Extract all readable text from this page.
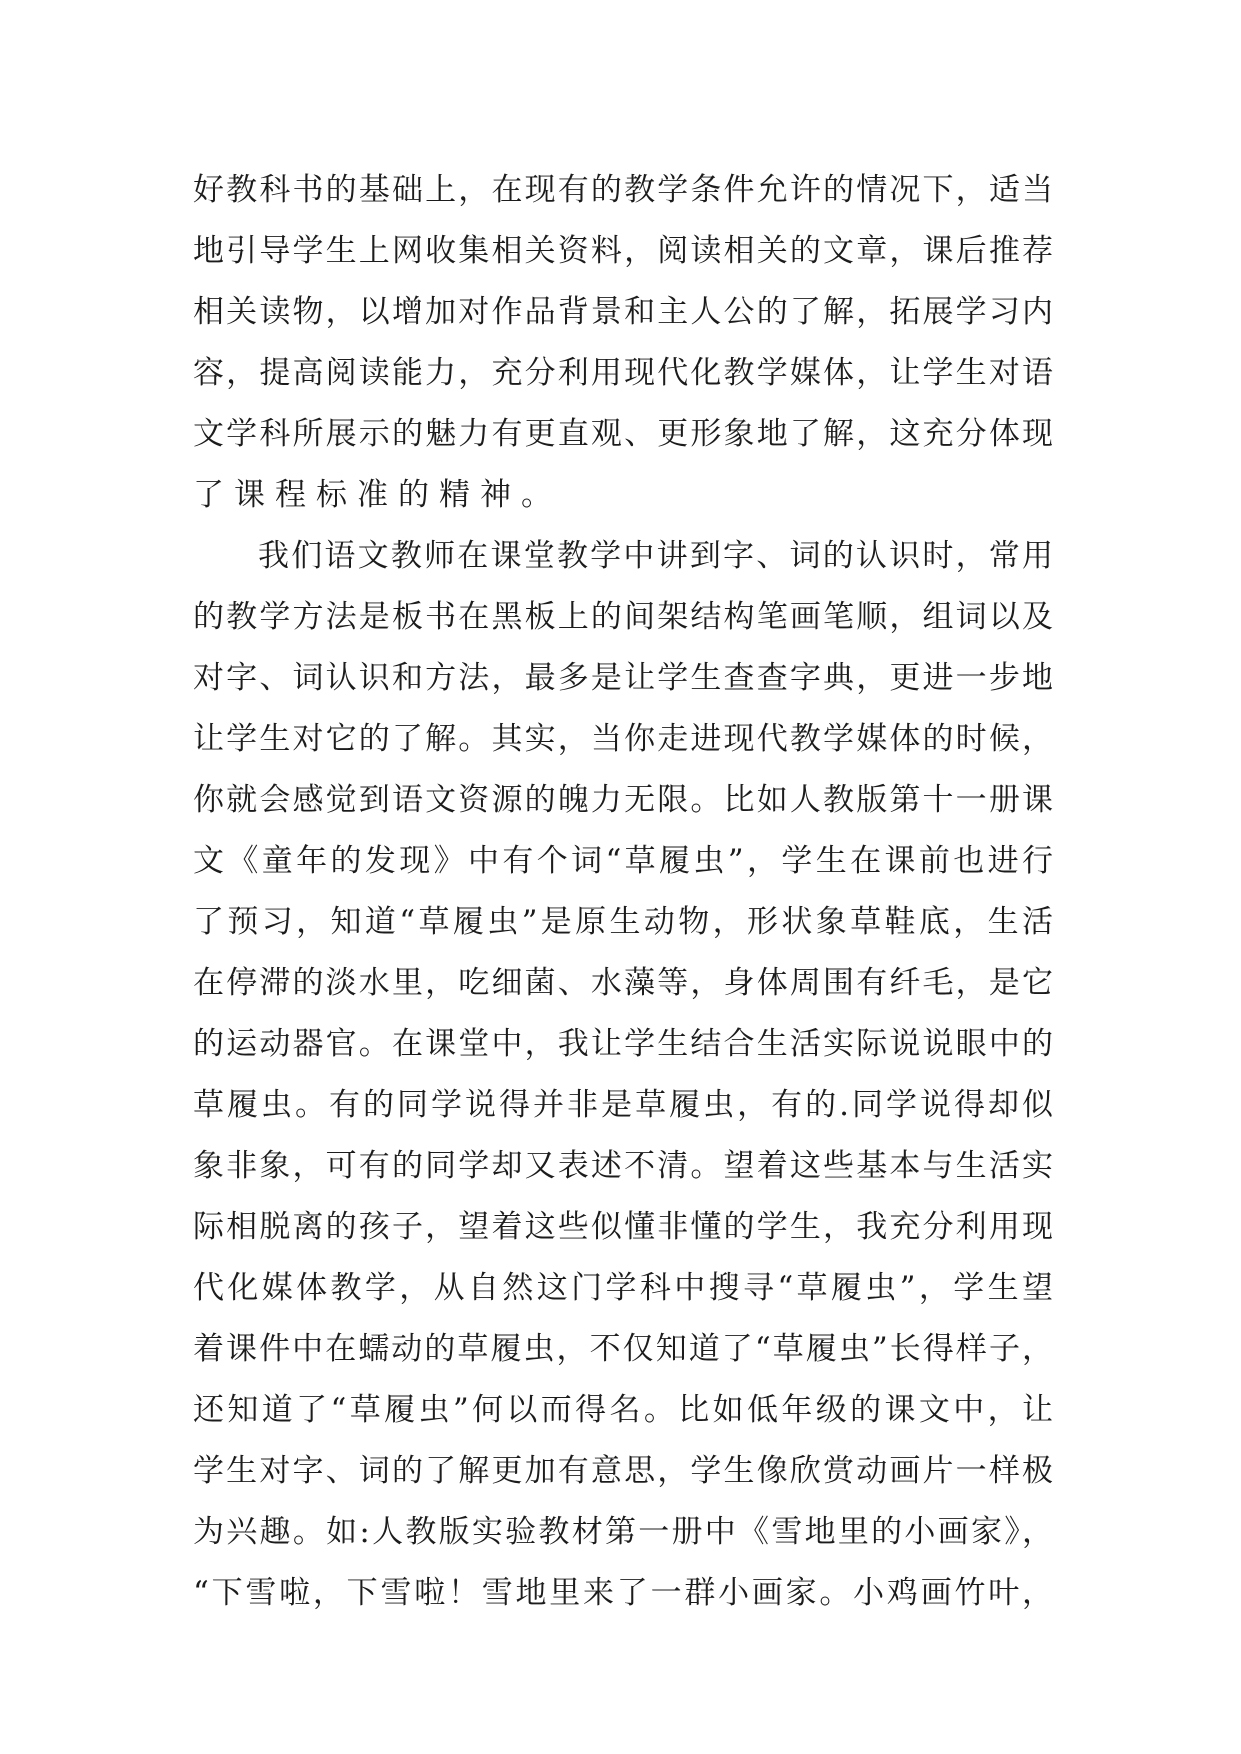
好教科书的基础上，在现有的教学条件允许的情况下，适当
地引导学生上网收集相关资料，阅读相关的文章，课后推荐
相关读物，以增加对作品背景和主人公的了解，拓展学习内
容，提高阅读能力，充分利用现代化教学媒体，让学生对语
文学科所展示的魅力有更直观、更形象地了解，这充分体现
了课程标准的精神。
我们语文教师在课堂教学中讲到字、词的认识时，常用
的教学方法是板书在黑板上的间架结构笔画笔顺，组词以及
对字、词认识和方法，最多是让学生查查字典，更进一步地
让学生对它的了解。其实，当你走进现代教学媒体的时候，
你就会感觉到语文资源的魄力无限。比如人教版第十一册课
文《童年的发现》中有个词“草履虫”，学生在课前也进行
了预习，知道“草履虫”是原生动物，形状象草鞋底，生活
在停滞的淡水里，吃细菌、水藻等，身体周围有纤毛，是它
的运动器官。在课堂中，我让学生结合生活实际说说眼中的
草履虫。有的同学说得并非是草履虫，有的.同学说得却似
象非象，可有的同学却又表述不清。望着这些基本与生活实
际相脱离的孩子，望着这些似懂非懂的学生，我充分利用现
代化媒体教学，从自然这门学科中搜寻“草履虫”，学生望
着课件中在蠕动的草履虫，不仅知道了“草履虫”长得样子，
还知道了“草履虫”何以而得名。比如低年级的课文中，让
学生对字、词的了解更加有意思，学生像欣赏动画片一样极
为兴趣。如:人教版实验教材第一册中《雪地里的小画家》，
“下雪啦，下雪啦！雪地里来了一群小画家。小鸡画竹叶，
